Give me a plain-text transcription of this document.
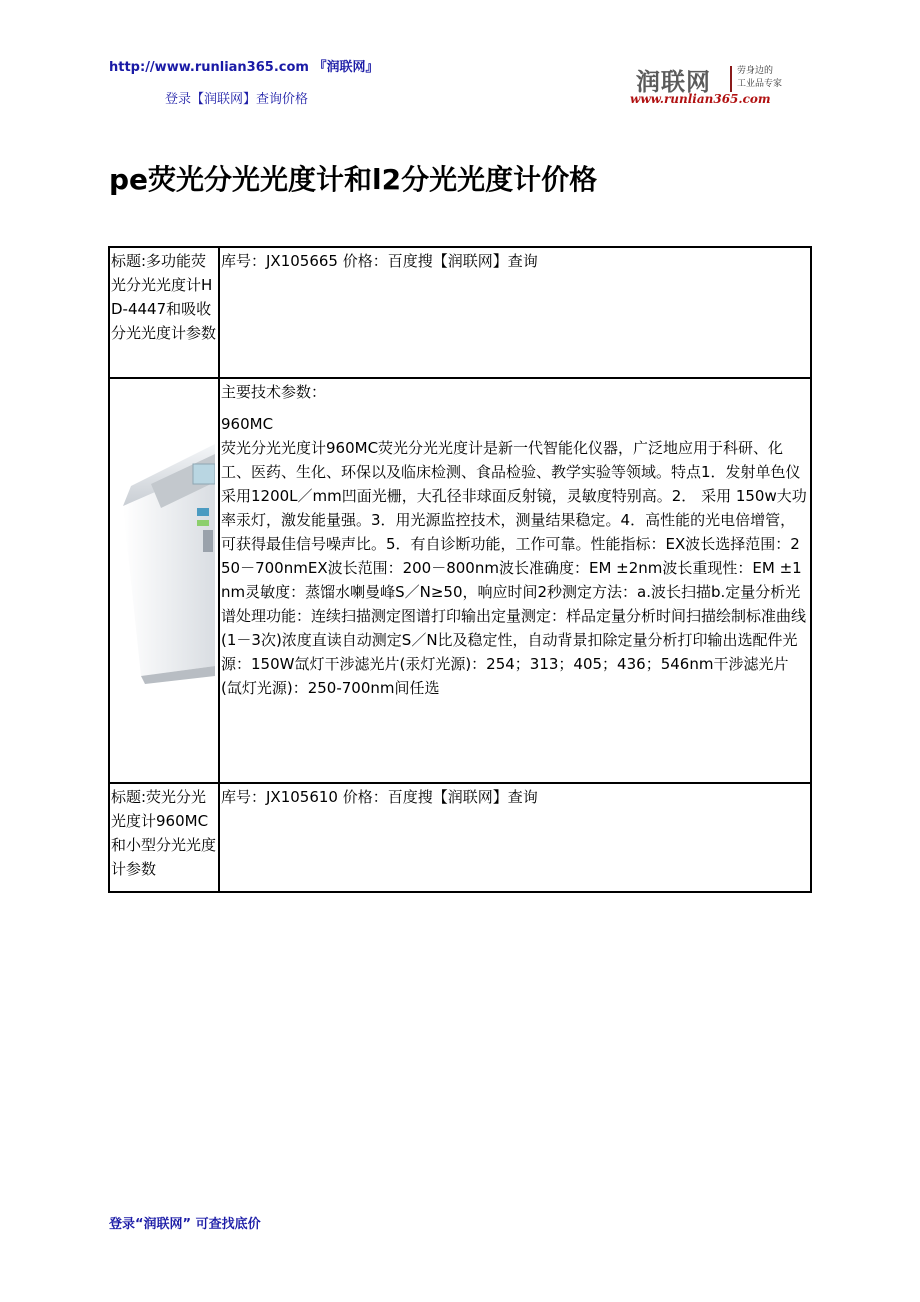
http://www.runlian365.com 『润联网』
登录【润联网】查询价格
润联网	劳身边的
工业品专家
www.runlian365.com
pe荧光分光光度计和l2分光光度计价格
标题:多功能荧光分光光度计HD-4447和吸收分光光度计参数	库号：JX105665 价格：百度搜【润联网】查询

主要技术参数：
960MC
荧光分光光度计960MC荧光分光光度计是新一代智能化仪器，广泛地应用于科研、化工、医药、生化、环保以及临床检测、食品检验、教学实验等领域。特点1．发射单色仪采用1200L／mm凹面光栅，大孔径非球面反射镜，灵敏度特别高。2． 采用 150w大功率汞灯，激发能量强。3．用光源监控技术，测量结果稳定。4．高性能的光电倍增管，可获得最佳信号噪声比。5．有自诊断功能，工作可靠。性能指标：EX波长选择范围：250－700nmEX波长范围：200－800nm波长准确度：EM ±2nm波长重现性：EM ±1nm灵敏度：蒸馏水喇曼峰S／N≥50，响应时间2秒测定方法：a.波长扫描b.定量分析光谱处理功能：连续扫描测定图谱打印输出定量测定：样品定量分析时间扫描绘制标准曲线(1－3次)浓度直读自动测定S／N比及稳定性，自动背景扣除定量分析打印输出选配件光源：150W氙灯干涉滤光片(汞灯光源)：254；313；405；436；546nm干涉滤光片(氙灯光源)：250-700nm间任选

标题:荧光分光光度计960MC和小型分光光度计参数	库号：JX105610 价格：百度搜【润联网】查询
登录“润联网” 可查找底价
